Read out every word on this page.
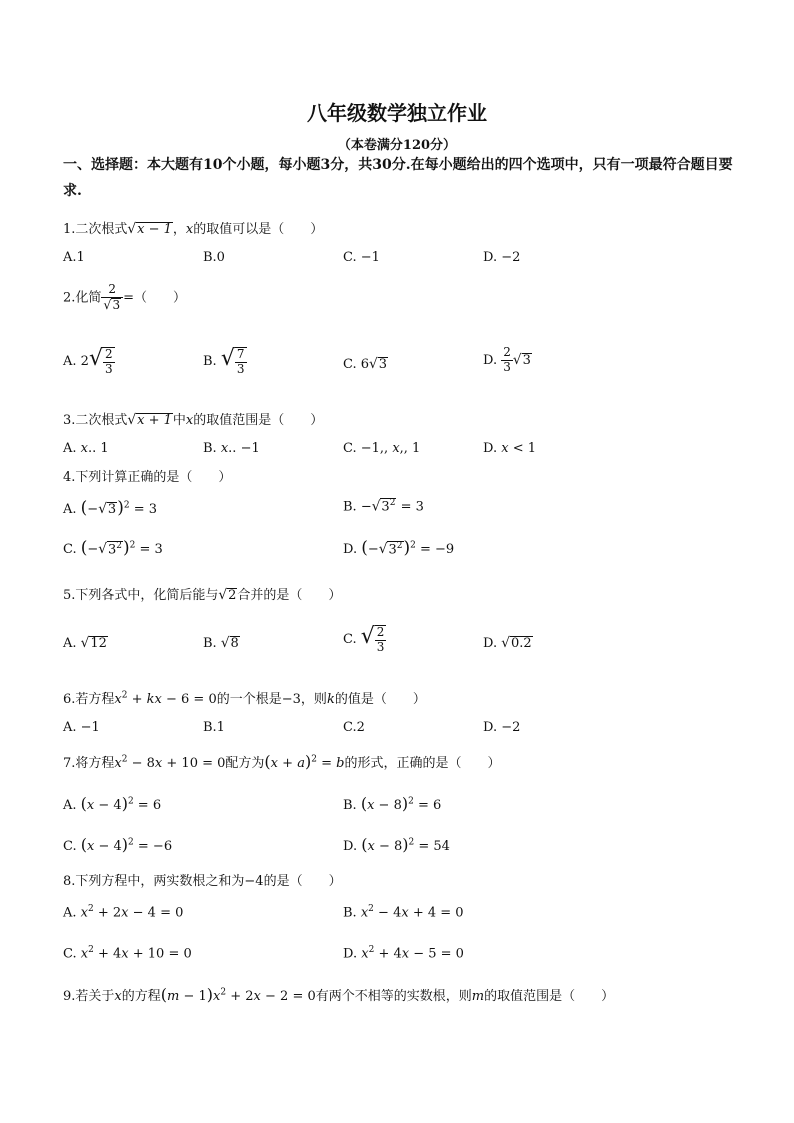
八年级数学独立作业
（本卷满分120分）
一、选择题：本大题有10个小题，每小题3分，共30分.在每小题给出的四个选项中，只有一项最符合题目要求.
1.二次根式√x − 1，x的取值可以是（　　）
A.1	B.0	C. −1	D. −2
2.化简 $\frac{2}{√3}$ =（　　）
A. $2√ \frac{2}{3}$	B. √ $\frac{7}{3}$	C. 6√3	D. $\frac{2}{3} √3$
3.二次根式√x + 1中x的取值范围是（　　）
A. x.. 1	B. x.. −1	C. −1,, x,, 1	D. x < 1
4.下列计算正确的是（　　）
A. $(-√3)^2 = 3$	B. $-√3^2 = 3$
C. $(-√3^2)^2 = 3$	D. $(-√3^2)^2 = -9$
5.下列各式中，化简后能与√2合并的是（　　）
A. √12	B. √8	C. √ $\frac{2}{3}$	D. √0.2
6.若方程$x^2$ + kx − 6 = 0的一个根是−3，则k的值是（　　）
A. −1	B.1	C.2	D. −2
7.将方程$x^2 - 8x + 10 = 0$配方为$(x + a)^2 = b$的形式，正确的是（　　）
A. $(x - 4)^2 = 6$	B. $(x - 8)^2 = 6$
C. $(x - 4)^2 = -6$	D. $(x - 8)^2 = 54$
8.下列方程中，两实数根之和为−4的是（　　）
A. $x^2 + 2x - 4 = 0$	B. $x^2 - 4x + 4 = 0$
C. $x^2 + 4x + 10 = 0$	D. $x^2 + 4x - 5 = 0$
9.若关于x的方程$(m - 1)x^2 + 2x - 2 = 0$有两个不相等的实数根，则m的取值范围是（　　）
